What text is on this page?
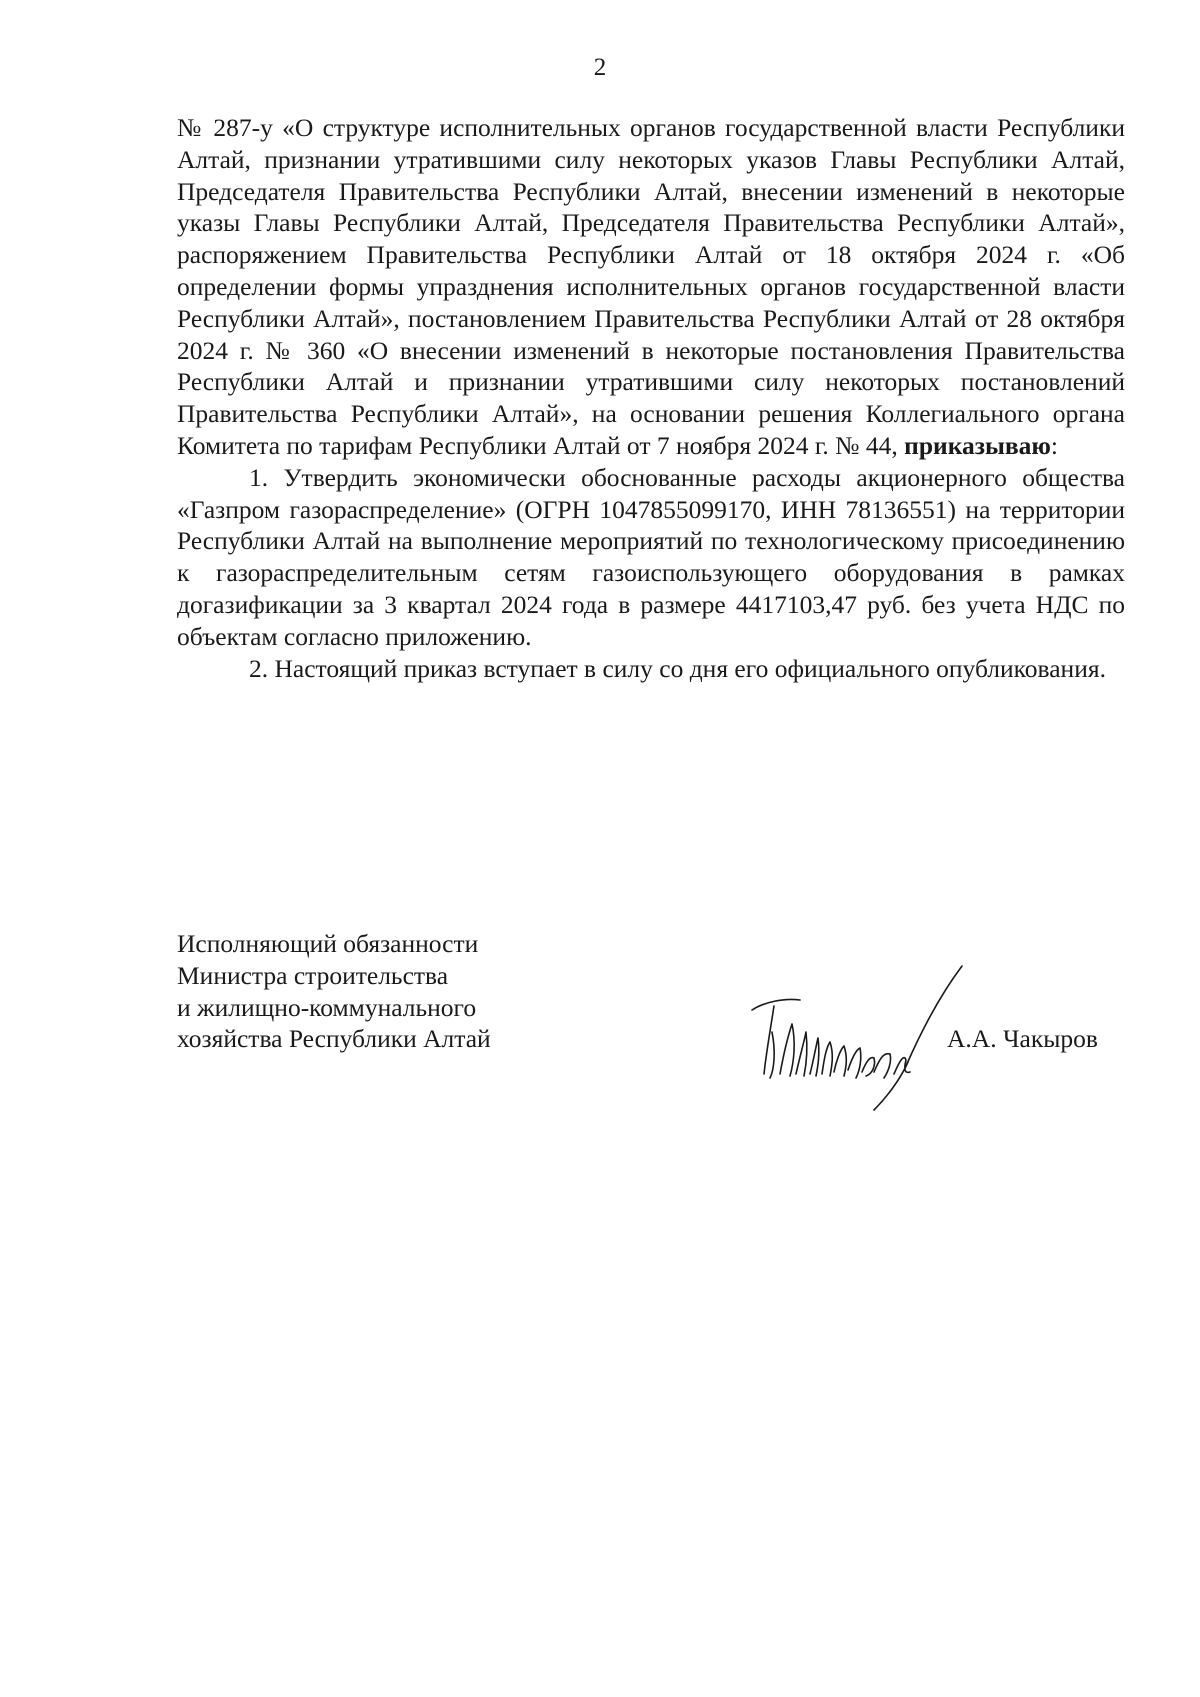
2

№ 287-у «О структуре исполнительных органов государственной власти Республики Алтай, признании утратившими силу некоторых указов Главы Республики Алтай, Председателя Правительства Республики Алтай, внесении изменений в некоторые указы Главы Республики Алтай, Председателя Правительства Республики Алтай», распоряжением Правительства Республики Алтай от 18 октября 2024 г. «Об определении формы упразднения исполнительных органов государственной власти Республики Алтай», постановлением Правительства Республики Алтай от 28 октября 2024 г. № 360 «О внесении изменений в некоторые постановления Правительства Республики Алтай и признании утратившими силу некоторых постановлений Правительства Республики Алтай», на основании решения Коллегиального органа Комитета по тарифам Республики Алтай от 7 ноября 2024 г. № 44, приказываю:

1. Утвердить экономически обоснованные расходы акционерного общества «Газпром газораспределение» (ОГРН 1047855099170, ИНН 78136551) на территории Республики Алтай на выполнение мероприятий по технологическому присоединению к газораспределительным сетям газоиспользующего оборудования в рамках догазификации за 3 квартал 2024 года в размере 4417103,47 руб. без учета НДС по объектам согласно приложению.

2. Настоящий приказ вступает в силу со дня его официального опубликования.

Исполняющий обязанности
Министра строительства
и жилищно-коммунального
хозяйства Республики Алтай	А.А. Чакыров
